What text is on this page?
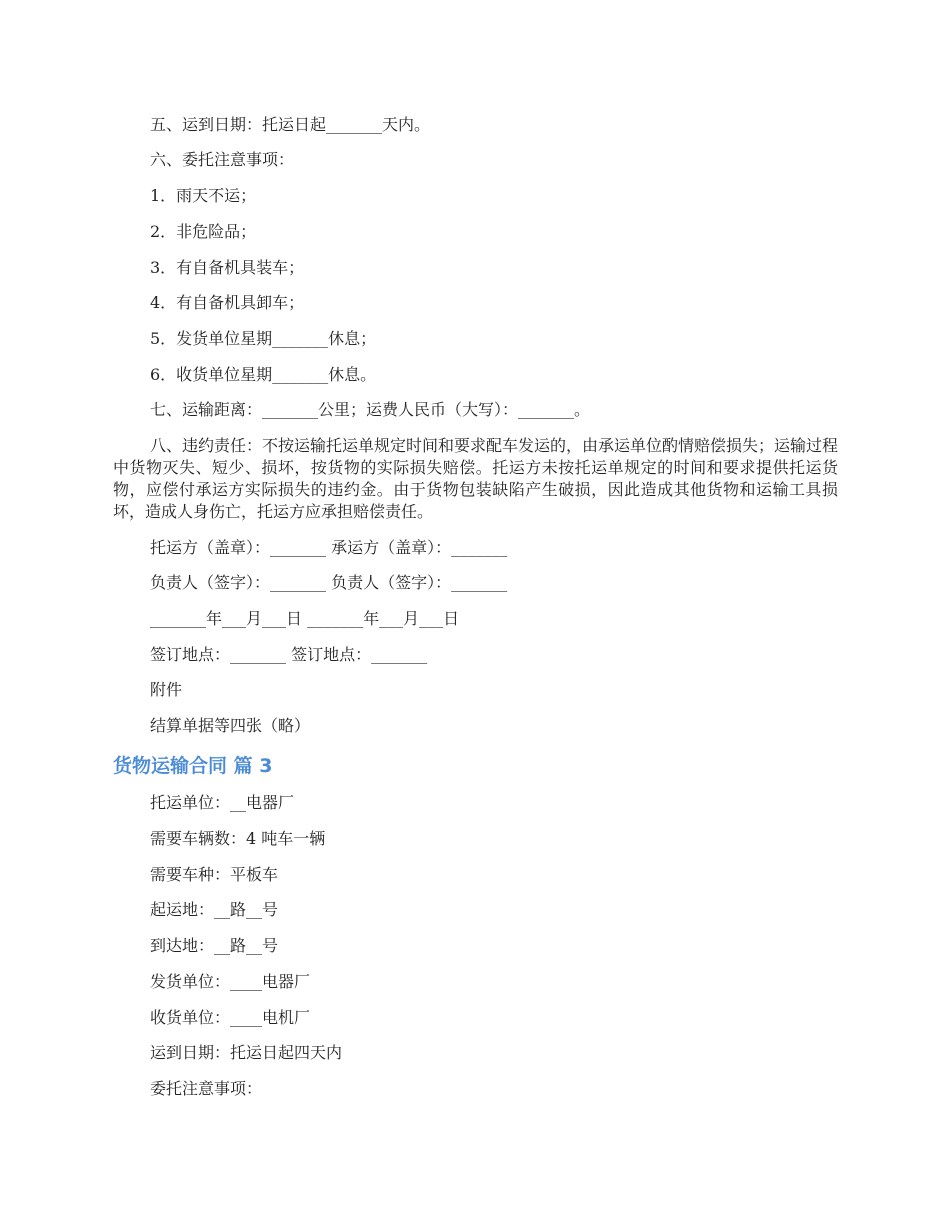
五、运到日期：托运日起_______天内。
六、委托注意事项：
1．雨天不运；
2．非危险品；
3．有自备机具装车；
4．有自备机具卸车；
5．发货单位星期_______休息；
6．收货单位星期_______休息。
七、运输距离：_______公里；运费人民币（大写）：_______。
八、违约责任：不按运输托运单规定时间和要求配车发运的，由承运单位酌情赔偿损失；运输过程中货物灭失、短少、损坏，按货物的实际损失赔偿。托运方未按托运单规定的时间和要求提供托运货物，应偿付承运方实际损失的违约金。由于货物包装缺陷产生破损，因此造成其他货物和运输工具损坏，造成人身伤亡，托运方应承担赔偿责任。
托运方（盖章）：_______ 承运方（盖章）：_______
负责人（签字）：_______ 负责人（签字）：_______
_______年___月___日 _______年___月___日
签订地点：_______ 签订地点：_______
附件
结算单据等四张（略）
货物运输合同 篇 3
托运单位：__电器厂
需要车辆数：4 吨车一辆
需要车种：平板车
起运地：__路__号
到达地：__路__号
发货单位：____电器厂
收货单位：____电机厂
运到日期：托运日起四天内
委托注意事项：
